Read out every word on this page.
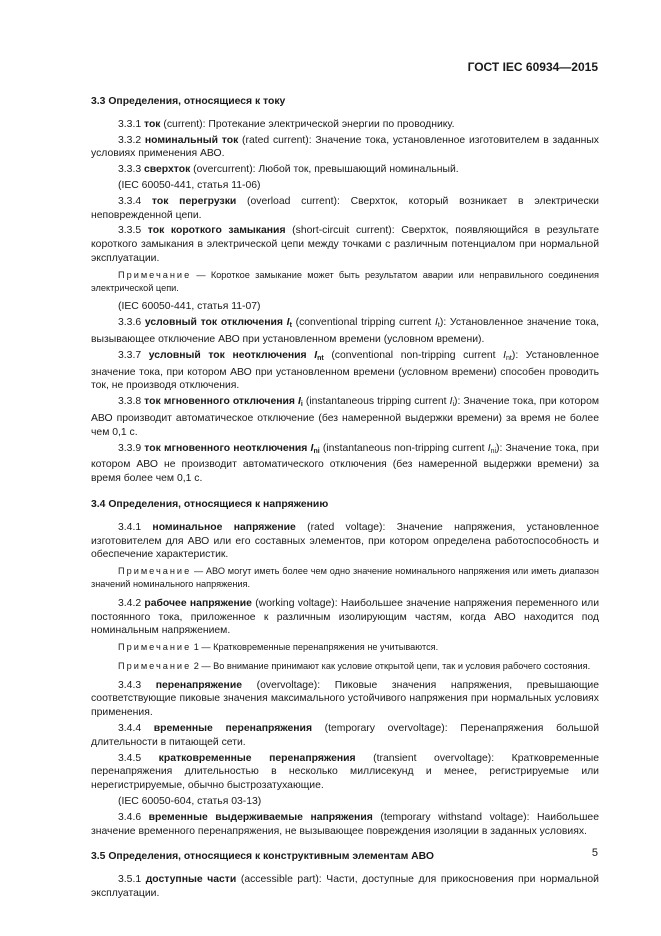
ГОСТ IEC 60934—2015
3.3 Определения, относящиеся к току

3.3.1 ток (current): Протекание электрической энергии по проводнику.

3.3.2 номинальный ток (rated current): Значение тока, установленное изготовителем в заданных условиях применения АВО.

3.3.3 сверхток (overcurrent): Любой ток, превышающий номинальный.

(IEC 60050-441, статья 11-06)

3.3.4 ток перегрузки (overload current): Сверхток, который возникает в электрически неповрежденной цепи.

3.3.5 ток короткого замыкания (short-circuit current): Сверхток, появляющийся в результате короткого замыкания в электрической цепи между точками с различным потенциалом при нормальной эксплуатации.

Примечание — Короткое замыкание может быть результатом аварии или неправильного соединения электрической цепи.

(IEC 60050-441, статья 11-07)

3.3.6 условный ток отключения $I_t$ (conventional tripping current $I_t$): Установленное значение тока, вызывающее отключение АВО при установленном времени (условном времени).

3.3.7 условный ток неотключения $I_{nt}$ (conventional non-tripping current $I_{nt}$): Установленное значение тока, при котором АВО при установленном времени (условном времени) способен проводить ток, не производя отключения.

3.3.8 ток мгновенного отключения $I_i$ (instantaneous tripping current $I_i$): Значение тока, при котором АВО производит автоматическое отключение (без намеренной выдержки времени) за время не более чем 0,1 с.

3.3.9 ток мгновенного неотключения $I_{ni}$ (instantaneous non-tripping current $I_{ni}$): Значение тока, при котором АВО не производит автоматического отключения (без намеренной выдержки времени) за время более чем 0,1 с.

3.4 Определения, относящиеся к напряжению

3.4.1 номинальное напряжение (rated voltage): Значение напряжения, установленное изготовителем для АВО или его составных элементов, при котором определена работоспособность и обеспечение характеристик.

Примечание — АВО могут иметь более чем одно значение номинального напряжения или иметь диапазон значений номинального напряжения.

3.4.2 рабочее напряжение (working voltage): Наибольшее значение напряжения переменного или постоянного тока, приложенное к различным изолирующим частям, когда АВО находится под номинальным напряжением.

Примечание 1 — Кратковременные перенапряжения не учитываются.

Примечание 2 — Во внимание принимают как условие открытой цепи, так и условия рабочего состояния.

3.4.3 перенапряжение (overvoltage): Пиковые значения напряжения, превышающие соответствующие пиковые значения максимального устойчивого напряжения при нормальных условиях применения.

3.4.4 временные перенапряжения (temporary overvoltage): Перенапряжения большой длительности в питающей сети.

3.4.5 кратковременные перенапряжения (transient overvoltage): Кратковременные перенапряжения длительностью в несколько миллисекунд и менее, регистрируемые или нерегистрируемые, обычно быстрозатухающие.

(IEC 60050-604, статья 03-13)

3.4.6 временные выдерживаемые напряжения (temporary withstand voltage): Наибольшее значение временного перенапряжения, не вызывающее повреждения изоляции в заданных условиях.

3.5 Определения, относящиеся к конструктивным элементам АВО

3.5.1 доступные части (accessible part): Части, доступные для прикосновения при нормальной эксплуатации.

5
